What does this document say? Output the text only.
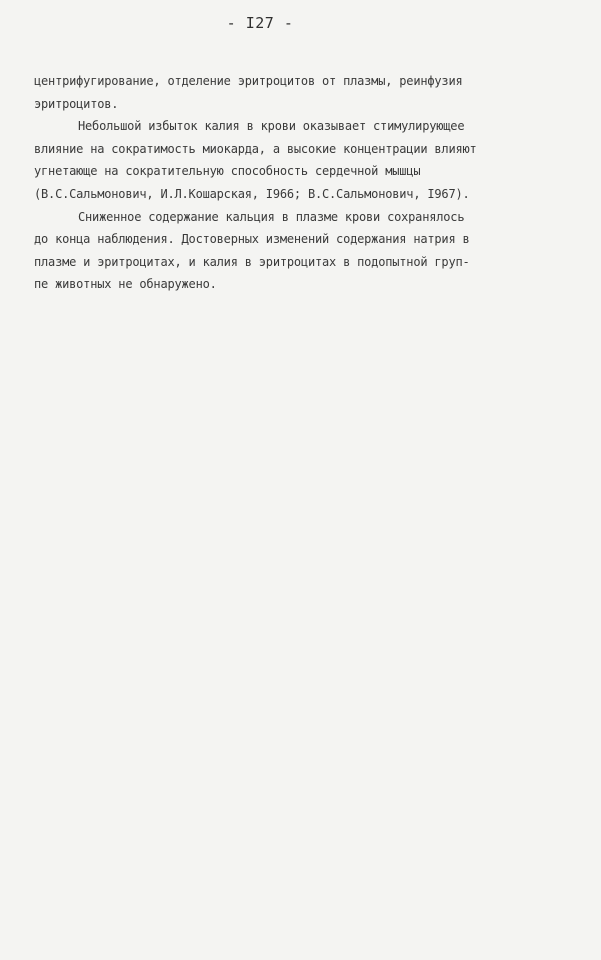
- I27 -
центрифугирование, отделение эритроцитов от плазмы, реинфузия
эритроцитов.
Небольшой избыток калия в крови оказывает стимулирующее
влияние на сократимость миокарда, а высокие концентрации влияют
угнетающе на сократительную способность сердечной мышцы
(В.С.Сальмонович, И.Л.Кошарская, I966; В.С.Сальмонович, I967).
Сниженное содержание кальция в плазме крови сохранялось
до конца наблюдения. Достоверных изменений содержания натрия в
плазме и эритроцитах, и калия в эритроцитах в подопытной груп-
пе животных не обнаружено.
